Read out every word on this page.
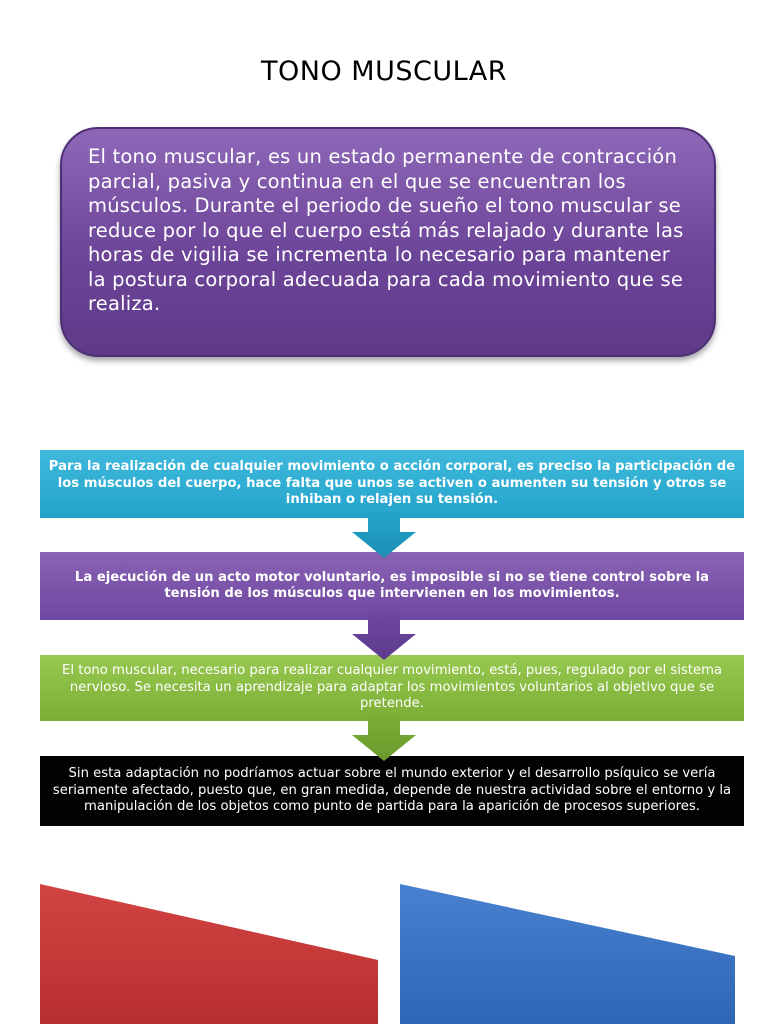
TONO MUSCULAR
El tono muscular, es un estado permanente de contracción parcial, pasiva y continua en el que se encuentran los músculos. Durante el periodo de sueño el tono muscular se reduce por lo que el cuerpo está más relajado y durante las horas de vigilia se incrementa lo necesario para mantener la postura corporal adecuada para cada movimiento que se realiza.
Para la realización de cualquier movimiento o acción corporal, es preciso la participación de los músculos del cuerpo, hace falta que unos se activen o aumenten su tensión y otros se inhiban o relajen su tensión.
La ejecución de un acto motor voluntario, es imposible si no se tiene control sobre la tensión de los músculos que intervienen en los movimientos.
El tono muscular, necesario para realizar cualquier movimiento, está, pues, regulado por el sistema nervioso. Se necesita un aprendizaje para adaptar los movimientos voluntarios al objetivo que se pretende.
Sin esta adaptación no podríamos actuar sobre el mundo exterior y el desarrollo psíquico se vería seriamente afectado, puesto que, en gran medida, depende de nuestra actividad sobre el entorno y la manipulación de los objetos como punto de partida para la aparición de procesos superiores.
